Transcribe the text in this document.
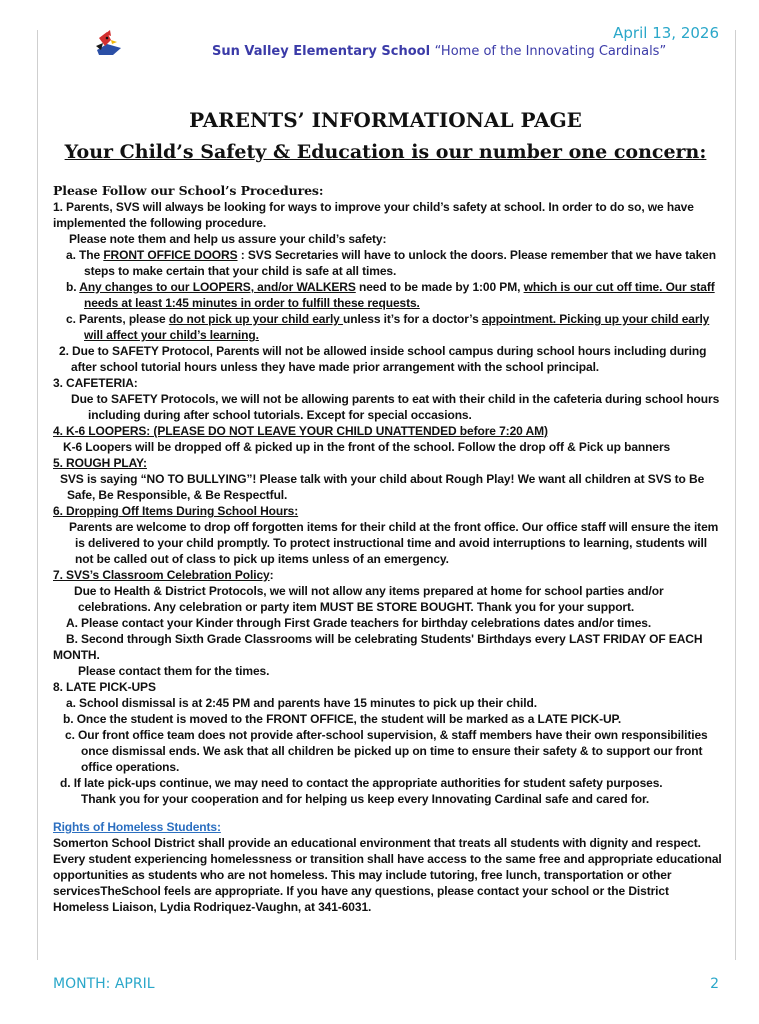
April 13, 2026
Sun Valley Elementary School “Home of the Innovating Cardinals”
PARENTS’ INFORMATIONAL PAGE
Your Child’s Safety & Education is our number one concern:

Please Follow our School’s Procedures:

1. Parents, SVS will always be looking for ways to improve your child’s safety at school. In order to do so, we have implemented the following procedure.

Please note them and help us assure your child’s safety:

a. The FRONT OFFICE DOORS : SVS Secretaries will have to unlock the doors. Please remember that we have taken steps to make certain that your child is safe at all times.

b. Any changes to our LOOPERS, and/or WALKERS need to be made by 1:00 PM, which is our cut off time. Our staff needs at least 1:45 minutes in order to fulfill these requests.

c. Parents, please do not pick up your child early unless it’s for a doctor’s appointment. Picking up your child early will affect your child’s learning.

2. Due to SAFETY Protocol, Parents will not be allowed inside school campus during school hours including during after school tutorial hours unless they have made prior arrangement with the school principal.

3. CAFETERIA:

Due to SAFETY Protocols, we will not be allowing parents to eat with their child in the cafeteria during school hours including during after school tutorials. Except for special occasions.

4. K-6 LOOPERS: (PLEASE DO NOT LEAVE YOUR CHILD UNATTENDED before 7:20 AM)

K-6 Loopers will be dropped off & picked up in the front of the school. Follow the drop off & Pick up banners

5. ROUGH PLAY:

SVS is saying “NO TO BULLYING”! Please talk with your child about Rough Play! We want all children at SVS to Be Safe, Be Responsible, & Be Respectful.

6. Dropping Off Items During School Hours:

Parents are welcome to drop off forgotten items for their child at the front office. Our office staff will ensure the item is delivered to your child promptly. To protect instructional time and avoid interruptions to learning, students will not be called out of class to pick up items unless of an emergency.

7. SVS’s Classroom Celebration Policy:

Due to Health & District Protocols, we will not allow any items prepared at home for school parties and/or celebrations. Any celebration or party item MUST BE STORE BOUGHT. Thank you for your support.

A. Please contact your Kinder through First Grade teachers for birthday celebrations dates and/or times.

B. Second through Sixth Grade Classrooms will be celebrating Students' Birthdays every LAST FRIDAY OF EACH MONTH.

Please contact them for the times.

8. LATE PICK-UPS

a. School dismissal is at 2:45 PM and parents have 15 minutes to pick up their child.

b. Once the student is moved to the FRONT OFFICE, the student will be marked as a LATE PICK-UP.

c. Our front office team does not provide after-school supervision, & staff members have their own responsibilities once dismissal ends. We ask that all children be picked up on time to ensure their safety & to support our front office operations.

d. If late pick-ups continue, we may need to contact the appropriate authorities for student safety purposes.

Thank you for your cooperation and for helping us keep every Innovating Cardinal safe and cared for.

Rights of Homeless Students:

Somerton School District shall provide an educational environment that treats all students with dignity and respect. Every student experiencing homelessness or transition shall have access to the same free and appropriate educational opportunities as students who are not homeless. This may include tutoring, free lunch, transportation or other servicesTheSchool feels are appropriate. If you have any questions, please contact your school or the District Homeless Liaison, Lydia Rodriquez-Vaughn, at 341-6031.

MONTH: APRIL	2
